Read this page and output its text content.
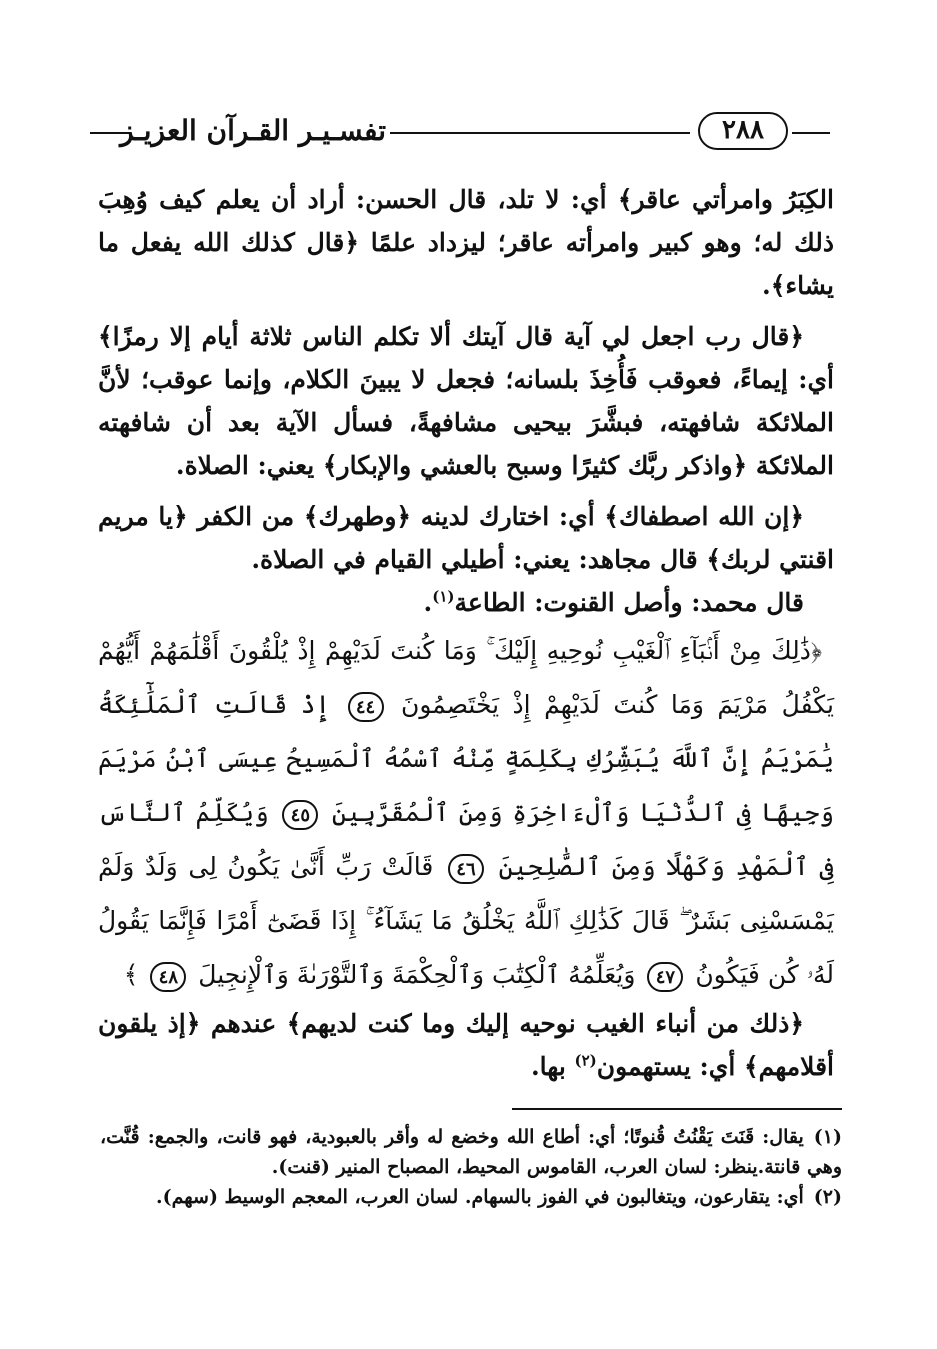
تفسـيـر القـرآن العزيـز	٢٨٨

الكِبَرُ وامرأتي عاقر﴾ أي: لا تلد، قال الحسن: أراد أن يعلم كيف وُهِبَ ذلك له؛ وهو كبير وامرأته عاقر؛ ليزداد علمًا ﴿قال كذلك الله يفعل ما يشاء﴾.

﴿قال رب اجعل لي آية قال آيتك ألا تكلم الناس ثلاثة أيام إلا رمزًا﴾ أي: إيماءً، فعوقب فَأُخِذَ بلسانه؛ فجعل لا يبينَ الكلام، وإنما عوقب؛ لأنَّ الملائكة شافهته، فبشَّرَ بيحيى مشافهةً، فسأل الآية بعد أن شافهته الملائكة ﴿واذكر ربَّك كثيرًا وسبح بالعشي والإبكار﴾ يعني: الصلاة.

﴿إن الله اصطفاك﴾ أي: اختارك لدينه ﴿وطهرك﴾ من الكفر ﴿يا مريم اقنتي لربك﴾ قال مجاهد: يعني: أطيلي القيام في الصلاة.

قال محمد: وأصل القنوت: الطاعة$^{(١)}$.

﴿ذَٰلِكَ مِنْ أَنۢبَآءِ ٱلْغَيْبِ نُوحِيهِ إِلَيْكَ ۚ وَمَا كُنتَ لَدَيْهِمْ إِذْ يُلْقُونَ أَقْلَٰمَهُمْ أَيُّهُمْ يَكْفُلُ مَرْيَمَ وَمَا كُنتَ لَدَيْهِمْ إِذْ يَخْتَصِمُونَ ٤٤ إِذْ قَالَتِ ٱلْمَلَٰٓئِكَةُ يَٰمَرْيَمُ إِنَّ ٱللَّهَ يُبَشِّرُكِ بِكَلِمَةٍ مِّنْهُ ٱسْمُهُ ٱلْمَسِيحُ عِيسَى ٱبْنُ مَرْيَمَ وَجِيهًا فِى ٱلدُّنْيَا وَٱلْءَاخِرَةِ وَمِنَ ٱلْمُقَرَّبِينَ ٤٥ وَيُكَلِّمُ ٱلنَّاسَ فِى ٱلْمَهْدِ وَكَهْلًا وَمِنَ ٱلصَّٰلِحِينَ ٤٦ قَالَتْ رَبِّ أَنَّىٰ يَكُونُ لِى وَلَدٌ وَلَمْ يَمْسَسْنِى بَشَرٌ ۖ قَالَ كَذَٰلِكِ ٱللَّهُ يَخْلُقُ مَا يَشَآءُ ۚ إِذَا قَضَىٰٓ أَمْرًا فَإِنَّمَا يَقُولُ لَهُۥ كُن فَيَكُونُ ٤٧ وَيُعَلِّمُهُ ٱلْكِتَٰبَ وَٱلْحِكْمَةَ وَٱلتَّوْرَىٰةَ وَٱلْإِنجِيلَ ٤٨ ﴾

﴿ذلك من أنباء الغيب نوحيه إليك وما كنت لديهم﴾ عندهم ﴿إذ يلقون أقلامهم﴾ أي: يستهمون$^{(٢)}$ بها.

(١)يقال: قَنَتَ يَقْنُتُ قُنوتًا؛ أي: أطاع الله وخضع له وأقر بالعبودية، فهو قانت، والجمع: قُنَّت، وهي قانتة.ينظر: لسان العرب، القاموس المحيط، المصباح المنير (قنت).

(٢)أي: يتقارعون، ويتغالبون في الفوز بالسهام. لسان العرب، المعجم الوسيط (سهم).
